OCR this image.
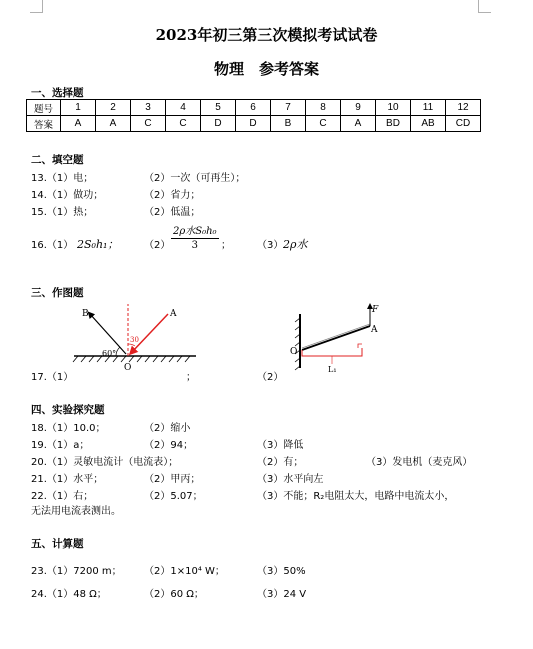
2023年初三第三次模拟考试试卷
物理　参考答案
一、选择题
题号	1	2	3	4	5	6	7	8	9	10	11	12
答案	A	A	C	C	D	D	B	C	A	BD	AB	CD
二、填空题
13.（1）电；	（2）一次（可再生）；
14.（1）做功；	（2）省力；
15.（1）热；	（2）低温；
16.（1） 2S₀h₁；	（2）
2ρ水S₀h₀
3	；	（3） 2ρ水
三、作图题
B	A
O
60°
30
F
A
O
L₁
17.（1）	；	（2）
四、实验探究题
18.（1）10.0；	（2）缩小
19.（1）a；	（2）94；	（3）降低
20.（1）灵敏电流计（电流表）；	（2）有；	（3）发电机（麦克风）
21.（1）水平；	（2）甲丙；	（3）水平向左
22.（1）右；	（2）5.07；	（3）不能；R₂电阻太大，电路中电流太小，
无法用电流表测出。
五、计算题
23.（1）7200 m； （2）1×10⁴ W；	（3）50%
24.（1）48 Ω；	（2）60 Ω；	（3）24 V
